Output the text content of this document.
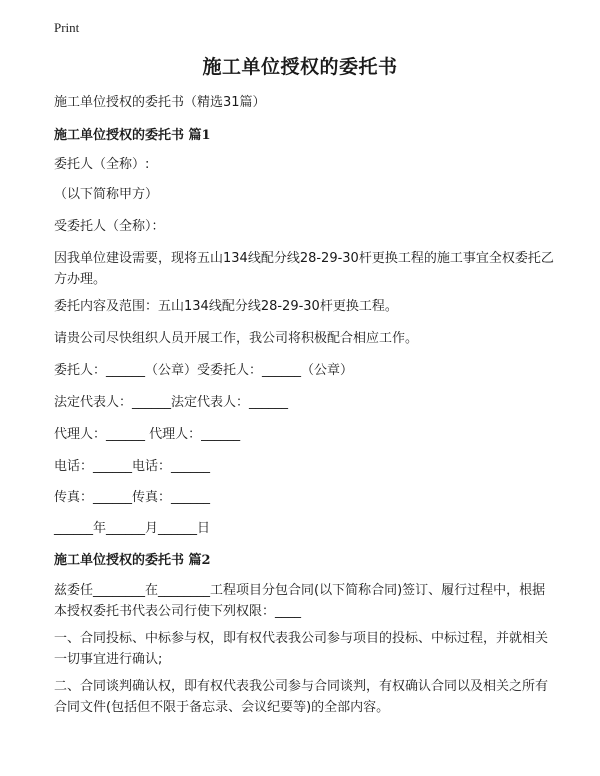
Print
施工单位授权的委托书
施工单位授权的委托书（精选31篇）
施工单位授权的委托书 篇1
委托人（全称）:
（以下简称甲方）
受委托人（全称）：
因我单位建设需要，现将五山134线配分线28-29-30杆更换工程的施工事宜全权委托乙方办理。
委托内容及范围：五山134线配分线28-29-30杆更换工程。
请贵公司尽快组织人员开展工作，我公司将积极配合相应工作。
委托人：______（公章）受委托人：______（公章）
法定代表人：______法定代表人：______
代理人：______ 代理人：______
电话：______电话：______
传真：______传真：______
______年______月______日
施工单位授权的委托书 篇2
兹委任________在________工程项目分包合同(以下简称合同)签订、履行过程中，根据本授权委托书代表公司行使下列权限：____
一、合同投标、中标参与权，即有权代表我公司参与项目的投标、中标过程，并就相关一切事宜进行确认;
二、合同谈判确认权，即有权代表我公司参与合同谈判，有权确认合同以及相关之所有合同文件(包括但不限于备忘录、会议纪要等)的全部内容。
